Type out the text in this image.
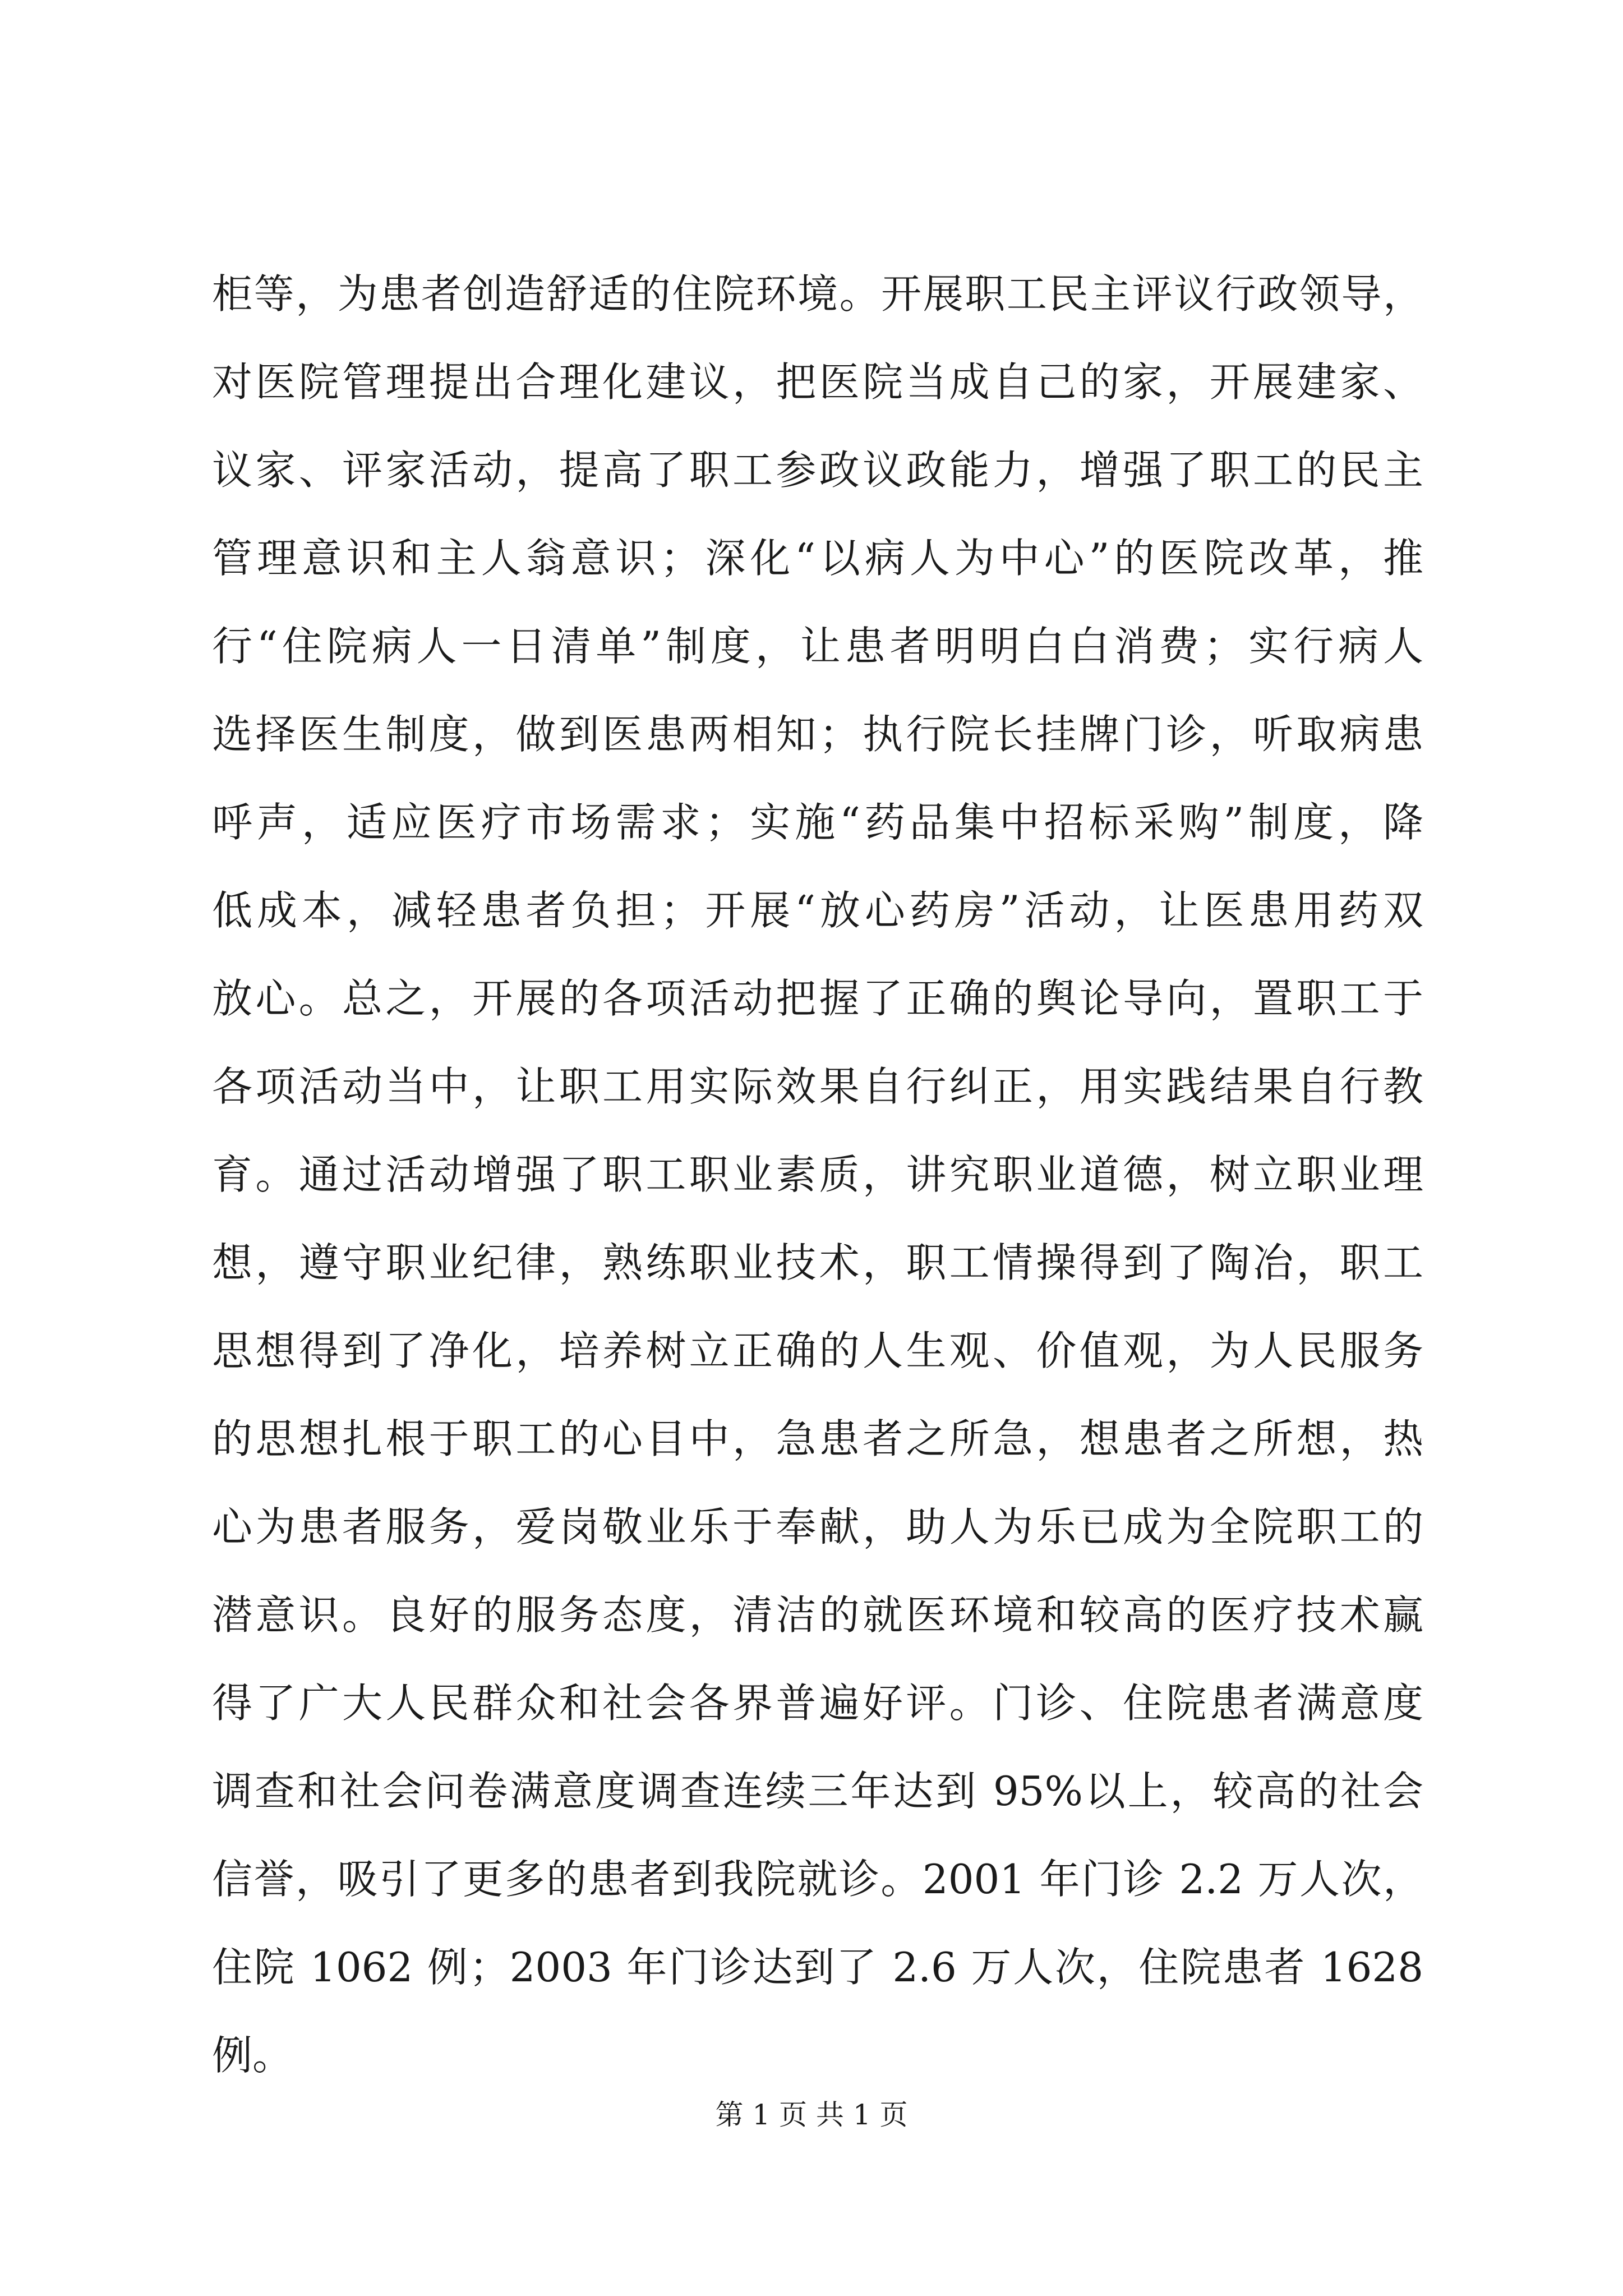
柜等，为患者创造舒适的住院环境。开展职工民主评议行政领导，
对医院管理提出合理化建议，把医院当成自己的家，开展建家、
议家、评家活动，提高了职工参政议政能力，增强了职工的民主
管理意识和主人翁意识；深化“以病人为中心”的医院改革，推
行“住院病人一日清单”制度，让患者明明白白消费；实行病人
选择医生制度，做到医患两相知；执行院长挂牌门诊，听取病患
呼声，适应医疗市场需求；实施“药品集中招标采购”制度，降
低成本，减轻患者负担；开展“放心药房”活动，让医患用药双
放心。总之，开展的各项活动把握了正确的舆论导向，置职工于
各项活动当中，让职工用实际效果自行纠正，用实践结果自行教
育。通过活动增强了职工职业素质，讲究职业道德，树立职业理
想，遵守职业纪律，熟练职业技术，职工情操得到了陶冶，职工
思想得到了净化，培养树立正确的人生观、价值观，为人民服务
的思想扎根于职工的心目中，急患者之所急，想患者之所想，热
心为患者服务，爱岗敬业乐于奉献，助人为乐已成为全院职工的
潜意识。良好的服务态度，清洁的就医环境和较高的医疗技术赢
得了广大人民群众和社会各界普遍好评。门诊、住院患者满意度
调查和社会问卷满意度调查连续三年达到 95%以上，较高的社会
信誉，吸引了更多的患者到我院就诊。2001 年门诊 2.2 万人次，
住院 1062 例；2003 年门诊达到了 2.6 万人次，住院患者 1628
例。
第 1 页 共 1 页
